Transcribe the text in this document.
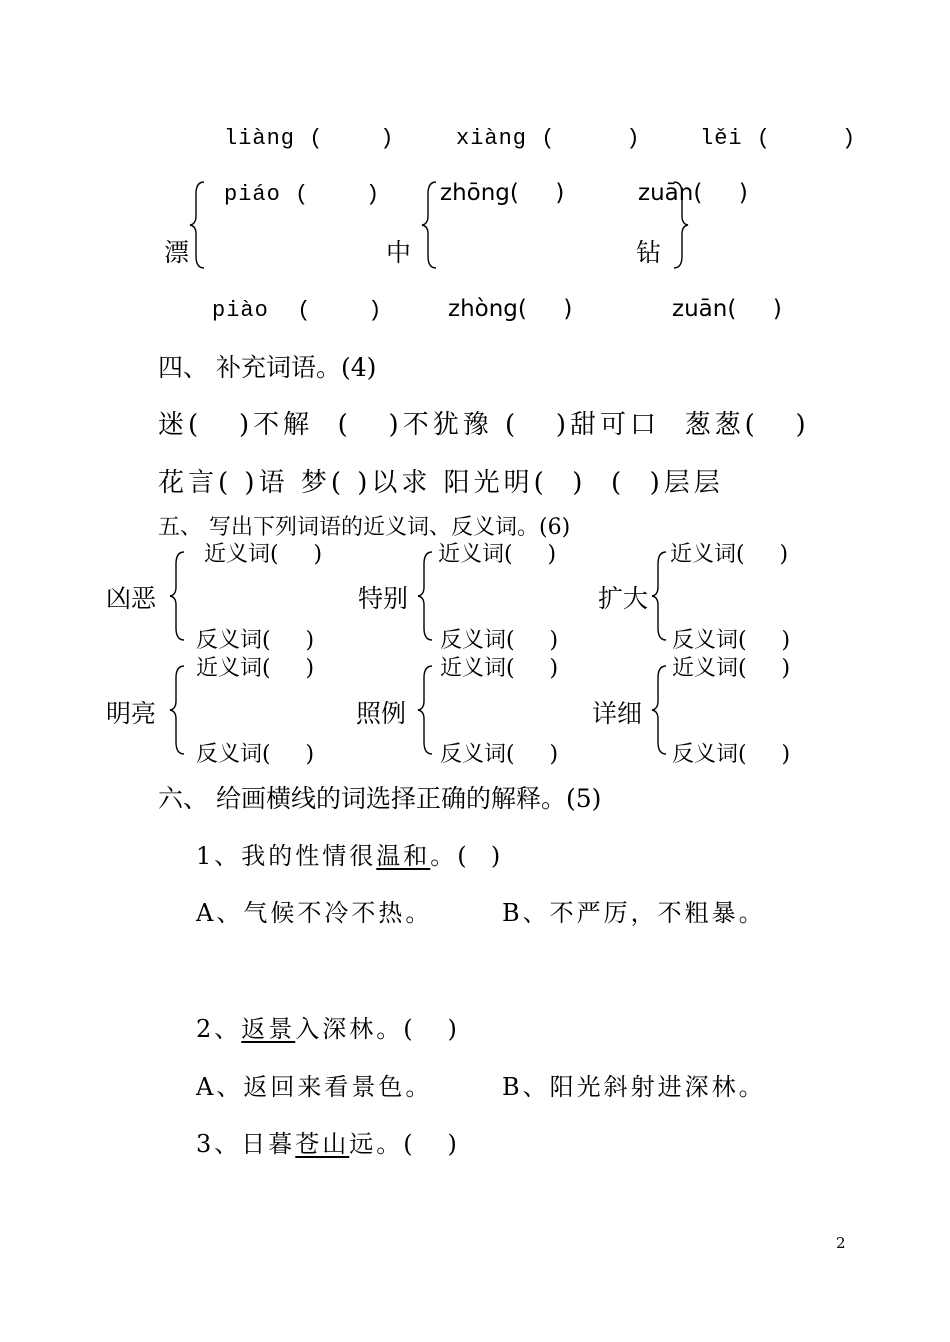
liàng (    )	xiàng (     )	lěi (     )
piáo (    )	zhōng(     )	zuān(     )
漂	中	钻
piào  (    )	zhòng(     )	zuān(     )
四、 补充词语。(4)
迷(   )不解  (   )不犹豫 (   )甜可口  葱葱(   )
花言( )语 梦( )以求 阳光明(  )  (  )层层
五、 写出下列词语的近义词、反义词。(6)
凶恶	特别	扩大
近义词(     )	近义词(     )	近义词(     )
反义词(     )	反义词(     )	反义词(     )
明亮	照例	详细
近义词(     )	近义词(     )	近义词(     )
反义词(     )	反义词(     )	反义词(     )
六、 给画横线的词选择正确的解释。(5)
1、我的性情很温和。(  )
A、气候不冷不热。	B、不严厉，不粗暴。
2、返景入深林。(   )
A、返回来看景色。	B、阳光斜射进深林。
3、日暮苍山远。(   )
2
